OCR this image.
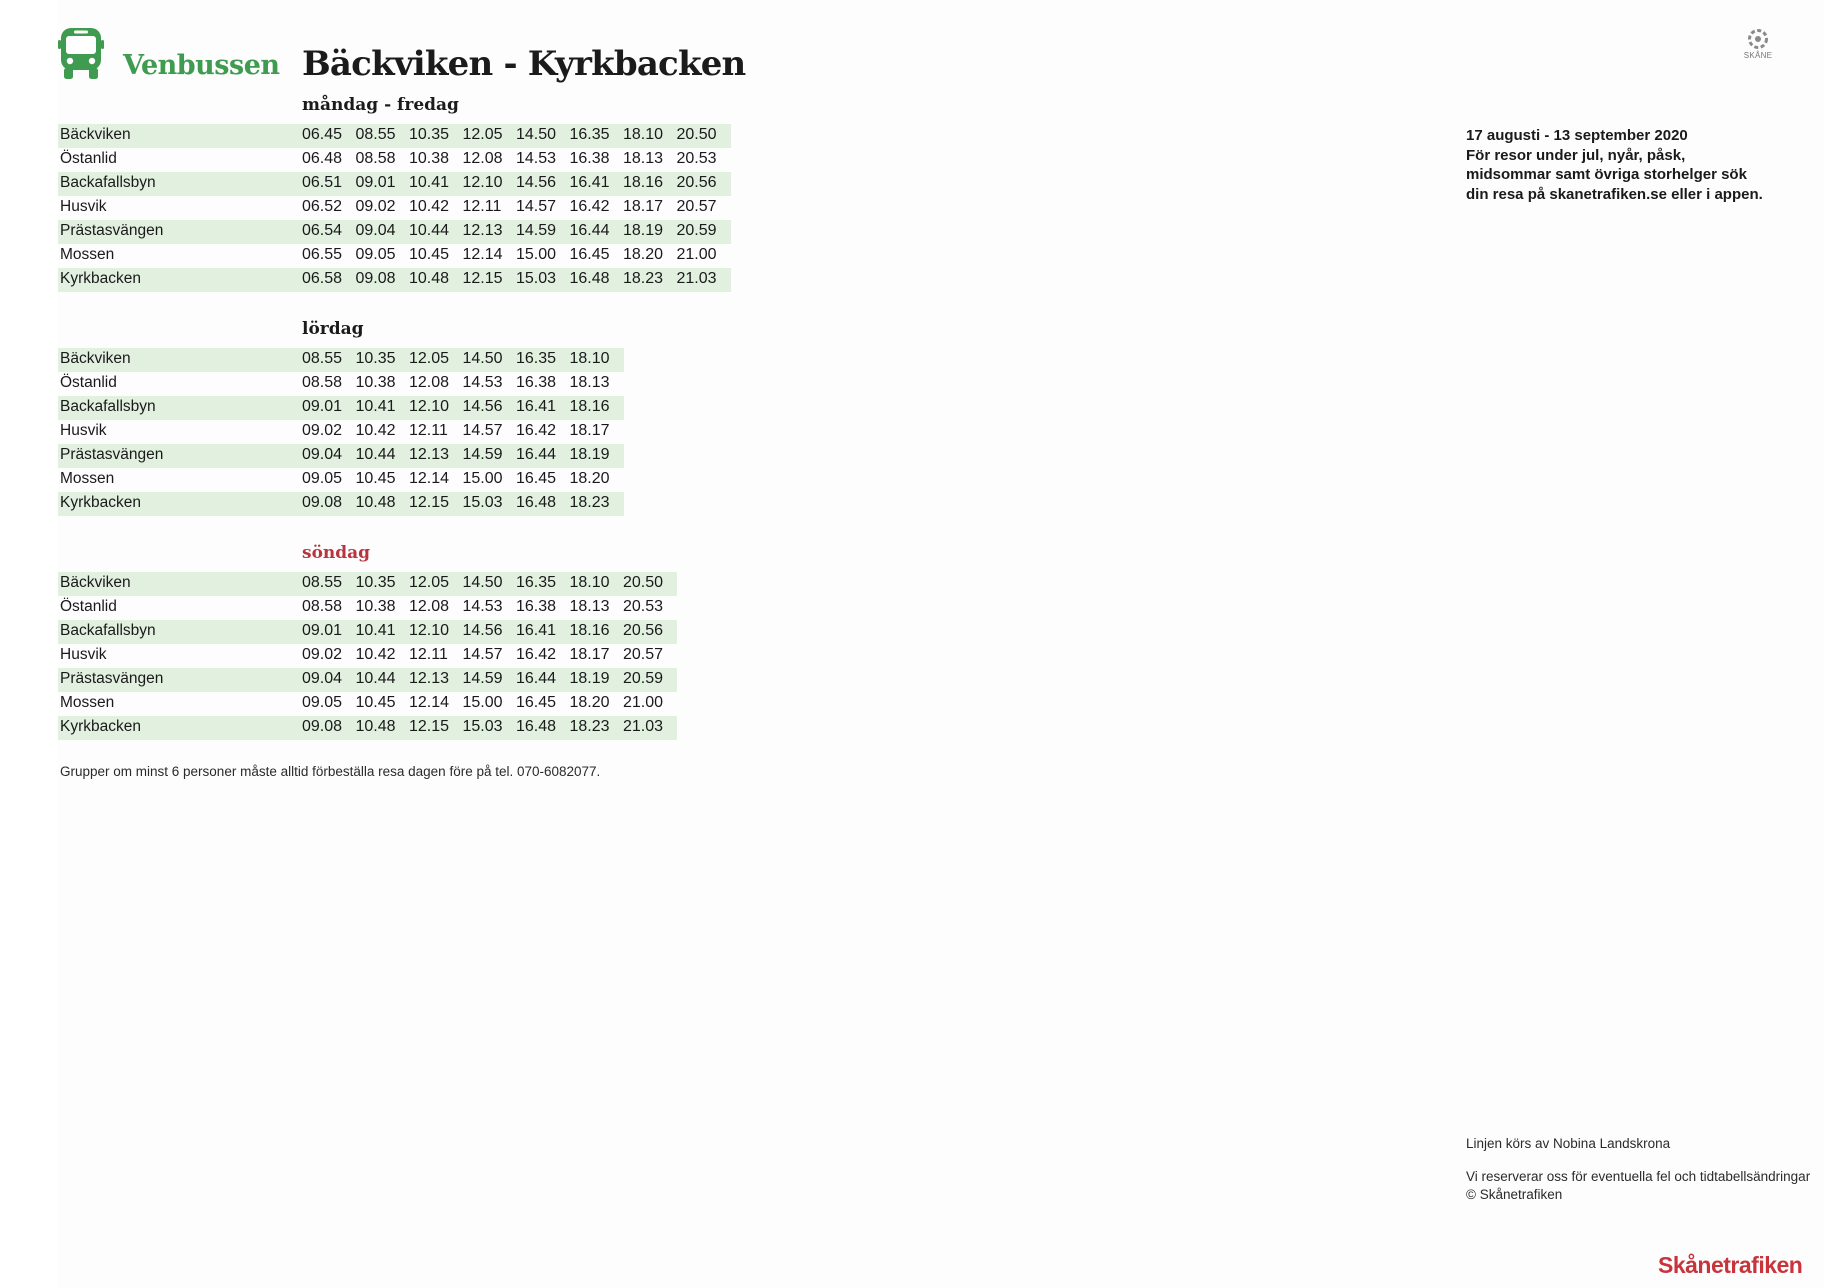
Venbussen Bäckviken - Kyrkbacken	SKÅNE
måndag - fredag
Bäckviken	06.45 08.55 10.35 12.05 14.50 16.35 18.10 20.50
Östanlid	06.48 08.58 10.38 12.08 14.53 16.38 18.13 20.53
Backafallsbyn	06.51 09.01 10.41 12.10 14.56 16.41 18.16 20.56
Husvik	06.52 09.02 10.42 12.11 14.57 16.42 18.17 20.57
Prästasvängen	06.54 09.04 10.44 12.13 14.59 16.44 18.19 20.59
Mossen	06.55 09.05 10.45 12.14 15.00 16.45 18.20 21.00
Kyrkbacken	06.58 09.08 10.48 12.15 15.03 16.48 18.23 21.03
lördag
Bäckviken	08.55 10.35 12.05 14.50 16.35 18.10
Östanlid	08.58 10.38 12.08 14.53 16.38 18.13
Backafallsbyn	09.01 10.41 12.10 14.56 16.41 18.16
Husvik	09.02 10.42 12.11 14.57 16.42 18.17
Prästasvängen	09.04 10.44 12.13 14.59 16.44 18.19
Mossen	09.05 10.45 12.14 15.00 16.45 18.20
Kyrkbacken	09.08 10.48 12.15 15.03 16.48 18.23
söndag
Bäckviken	08.55 10.35 12.05 14.50 16.35 18.10 20.50
Östanlid	08.58 10.38 12.08 14.53 16.38 18.13 20.53
Backafallsbyn	09.01 10.41 12.10 14.56 16.41 18.16 20.56
Husvik	09.02 10.42 12.11 14.57 16.42 18.17 20.57
Prästasvängen	09.04 10.44 12.13 14.59 16.44 18.19 20.59
Mossen	09.05 10.45 12.14 15.00 16.45 18.20 21.00
Kyrkbacken	09.08 10.48 12.15 15.03 16.48 18.23 21.03
Grupper om minst 6 personer måste alltid förbeställa resa dagen före på tel. 070-6082077.
17 augusti - 13 september 2020
För resor under jul, nyår, påsk,
midsommar samt övriga storhelger sök
din resa på skanetrafiken.se eller i appen.
Linjen körs av Nobina Landskrona
Vi reserverar oss för eventuella fel och tidtabellsändringar
© Skånetrafiken
Skånetrafiken
